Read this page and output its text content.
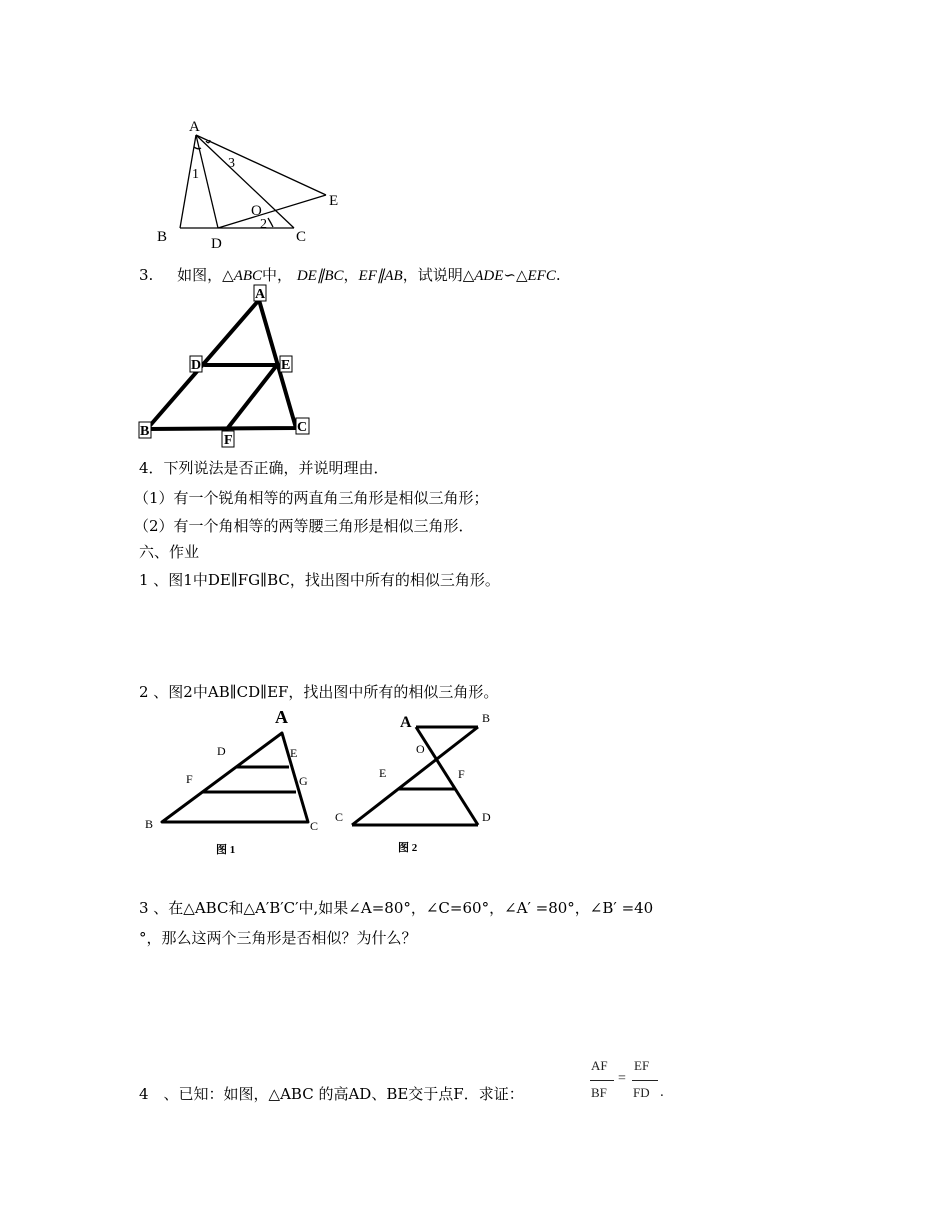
A
B	D	C
E
O
1
2
3
3. 如图，△ABC中， DE∥BC，EF∥AB，试说明△ADE∽△EFC.
A
D	E
B
F
C
4．下列说法是否正确，并说明理由．
（1）有一个锐角相等的两直角三角形是相似三角形；
（2）有一个角相等的两等腰三角形是相似三角形．
六、作业
1 、图1中DE∥FG∥BC，找出图中所有的相似三角形。
2 、图2中AB∥CD∥EF，找出图中所有的相似三角形。
A
D	E
F	G
B	C
图 1
A	B
O
E	F
C	D
图 2
3 、在△ABC和△A′B′C′中,如果∠A=80°，∠C=60°，∠A′ =80°，∠B′ =40
°，那么这两个三角形是否相似？为什么？
4　、已知：如图，△ABC 的高AD、BE交于点F．求证：
AF
BF
=
EF
FD .
